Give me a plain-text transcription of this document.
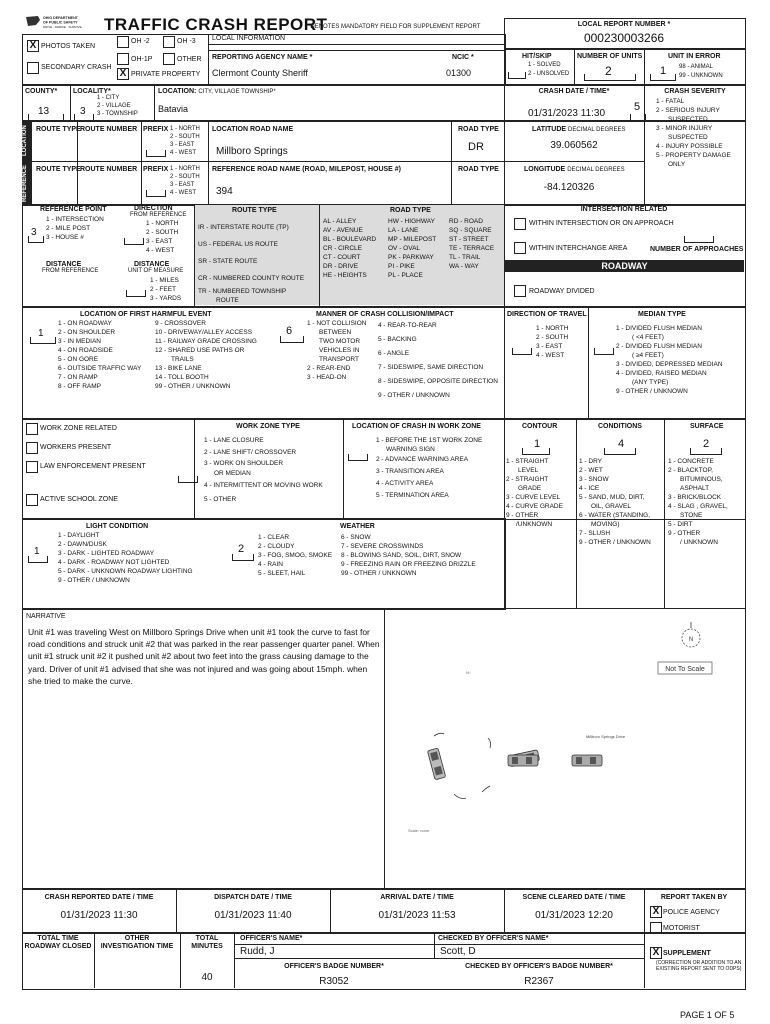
OHIO DEPARTMENT
OF PUBLIC SAFETY
DRIVE · ARRIVE · SURVIVE TRAFFIC CRASH REPORT
*DENOTES MANDATORY FIELD FOR SUPPLEMENT REPORT
LOCAL INFORMATION
X PHOTOS TAKEN
OH -2	OH -3
OH-1P	OTHER
SECONDARY CRASH
X PRIVATE PROPERTY
REPORTING AGENCY NAME *
Clermont County Sheriff
NCIC *
01300
LOCAL REPORT NUMBER *
000230003266
HIT/SKIP
1 - SOLVED
2 - UNSOLVED
NUMBER OF UNITS
2
UNIT IN ERROR
1 98 - ANIMAL
99 - UNKNOWN
COUNTY*
13
LOCALITY*
3
1 - CITY
2 - VILLAGE
3 - TOWNSHIP
LOCATION: CITY, VILLAGE TOWNSHIP*
Batavia
CRASH DATE / TIME*
01/31/2023 11:30
5
LOCATION
REFERENCE
ROUTE TYPE ROUTE NUMBER PREFIX 1 - NORTH
2 - SOUTH
3 - EAST
4 - WEST
LOCATION ROAD NAME
Millboro Springs
ROAD TYPE
DR
LATITUDE DECIMAL DEGREES
39.060562
ROUTE TYPE ROUTE NUMBER PREFIX 1 - NORTH
2 - SOUTH
3 - EAST
4 - WEST
REFERENCE ROAD NAME (ROAD, MILEPOST, HOUSE #)
394
ROAD TYPE	LONGITUDE DECIMAL DEGREES
-84.120326
CRASH SEVERITY
1 - FATAL
2 - SERIOUS INJURY
SUSPECTED
3 - MINOR INJURY
SUSPECTED
4 - INJURY POSSIBLE
5 - PROPERTY DAMAGE
ONLY
REFERENCE POINT
1 - INTERSECTION
2 - MILE POST
3 - HOUSE #
3
DIRECTION
FROM REFERENCE
1 - NORTH
2 - SOUTH
3 - EAST
4 - WEST
DISTANCE
FROM REFERENCE
DISTANCE
UNIT OF MEASURE
1 - MILES
2 - FEET
3 - YARDS
ROUTE TYPE
IR - INTERSTATE ROUTE (TP)
US - FEDERAL US ROUTE
SR - STATE ROUTE
CR - NUMBERED COUNTY ROUTE
TR - NUMBERED TOWNSHIP
ROUTE
ROAD TYPE
AL - ALLEY
AV - AVENUE
BL - BOULEVARD
CR - CIRCLE
CT - COURT
DR - DRIVE
HE - HEIGHTS
HW - HIGHWAY
LA - LANE
MP - MILEPOST
OV - OVAL
PK - PARKWAY
PI - PIKE
PL - PLACE
RD - ROAD
SQ - SQUARE
ST - STREET
TE - TERRACE
TL - TRAIL
WA - WAY
INTERSECTION RELATED
WITHIN INTERSECTION OR ON APPROACH
WITHIN INTERCHANGE AREA	NUMBER OF APPROACHES
ROADWAY
ROADWAY DIVIDED
LOCATION OF FIRST HARMFUL EVENT
1
1 - ON ROADWAY
2 - ON SHOULDER
3 - IN MEDIAN
4 - ON ROADSIDE
5 - ON GORE
6 - OUTSIDE TRAFFIC WAY
7 - ON RAMP
8 - OFF RAMP
9 - CROSSOVER
10 - DRIVEWAY/ALLEY ACCESS
11 - RAILWAY GRADE CROSSING
12 - SHARED USE PATHS OR
TRAILS
13 - BIKE LANE
14 - TOLL BOOTH
99 - OTHER / UNKNOWN
MANNER OF CRASH COLLISION/IMPACT
6
1 - NOT COLLISION
BETWEEN
TWO MOTOR
VEHICLES IN
TRANSPORT
2 - REAR-END
3 - HEAD-ON
4 - REAR-TO-REAR
5 - BACKING
6 - ANGLE
7 - SIDESWIPE, SAME DIRECTION
8 - SIDESWIPE, OPPOSITE DIRECTION
9 - OTHER / UNKNOWN
DIRECTION OF TRAVEL
1 - NORTH
2 - SOUTH
3 - EAST
4 - WEST
MEDIAN TYPE
1 - DIVIDED FLUSH MEDIAN
( <4 FEET)
2 - DIVIDED FLUSH MEDIAN
( ≥4 FEET)
3 - DIVIDED, DEPRESSED MEDIAN
4 - DIVIDED, RAISED MEDIAN
(ANY TYPE)
9 - OTHER / UNKNOWN
WORK ZONE RELATED
WORKERS PRESENT
LAW ENFORCEMENT PRESENT
ACTIVE SCHOOL ZONE
WORK ZONE TYPE
1 - LANE CLOSURE
2 - LANE SHIFT/ CROSSOVER
3 - WORK ON SHOULDER
OR MEDIAN
4 - INTERMITTENT OR MOVING WORK
5 - OTHER
LOCATION OF CRASH IN WORK ZONE
1 - BEFORE THE 1ST WORK ZONE
WARNING SIGN
2 - ADVANCE WARNING AREA
3 - TRANSITION AREA
4 - ACTIVITY AREA
5 - TERMINATION AREA
CONTOUR
1
1 - STRAIGHT
LEVEL
2 - STRAIGHT
GRADE
3 - CURVE LEVEL
4 - CURVE GRADE
9 - OTHER
/UNKNOWN
CONDITIONS
4
1 - DRY
2 - WET
3 - SNOW
4 - ICE
5 - SAND, MUD, DIRT,
OIL, GRAVEL
6 - WATER (STANDING,
MOVING)
7 - SLUSH
9 - OTHER / UNKNOWN
SURFACE
2
1 - CONCRETE
2 - BLACKTOP,
BITUMINOUS,
ASPHALT
3 - BRICK/BLOCK
4 - SLAG , GRAVEL,
STONE
5 - DIRT
9 - OTHER
/ UNKNOWN
LIGHT CONDITION
1
1 - DAYLIGHT
2 - DAWN/DUSK
3 - DARK - LIGHTED ROADWAY
4 - DARK - ROADWAY NOT LIGHTED
5 - DARK - UNKNOWN ROADWAY LIGHTING
9 - OTHER / UNKNOWN
WEATHER
2
1 - CLEAR
2 - CLOUDY
3 - FOG, SMOG, SMOKE
4 - RAIN
5 - SLEET, HAIL
6 - SNOW
7 - SEVERE CROSSWINDS
8 - BLOWING SAND, SOIL, DIRT, SNOW
9 - FREEZING RAIN OR FREEZING DRIZZLE
99 - OTHER / UNKNOWN
NARRATIVE
Unit #1 was traveling West on Millboro Springs Drive when unit #1 took the curve to fast for road conditions and struck unit #2 that was parked in the rear passenger quarter panel. When unit #1 struck unit #2 it pushed unit #2 about two feet into the grass causing damage to the yard. Driver of unit #1 advised that she was not injured and was going about 15mph. when she tried to make the curve.
N
Not To Scale
N↑
Millboro Springs Drive
Scale: none
CRASH REPORTED DATE / TIME
01/31/2023 11:30
DISPATCH DATE / TIME
01/31/2023 11:40
ARRIVAL DATE / TIME
01/31/2023 11:53
SCENE CLEARED DATE / TIME
01/31/2023 12:20
REPORT TAKEN BY
X POLICE AGENCY
MOTORIST
TOTAL TIME
ROADWAY CLOSED
OTHER
INVESTIGATION TIME
TOTAL
MINUTES
40
OFFICER'S NAME*
Rudd, J
CHECKED BY OFFICER'S NAME*
Scott, D
OFFICER'S BADGE NUMBER*
R3052
CHECKED BY OFFICER'S BADGE NUMBER*
R2367
X SUPPLEMENT
(CORRECTION OR ADDITION TO AN EXISTING REPORT SENT TO ODPS)
PAGE 1 OF 5
